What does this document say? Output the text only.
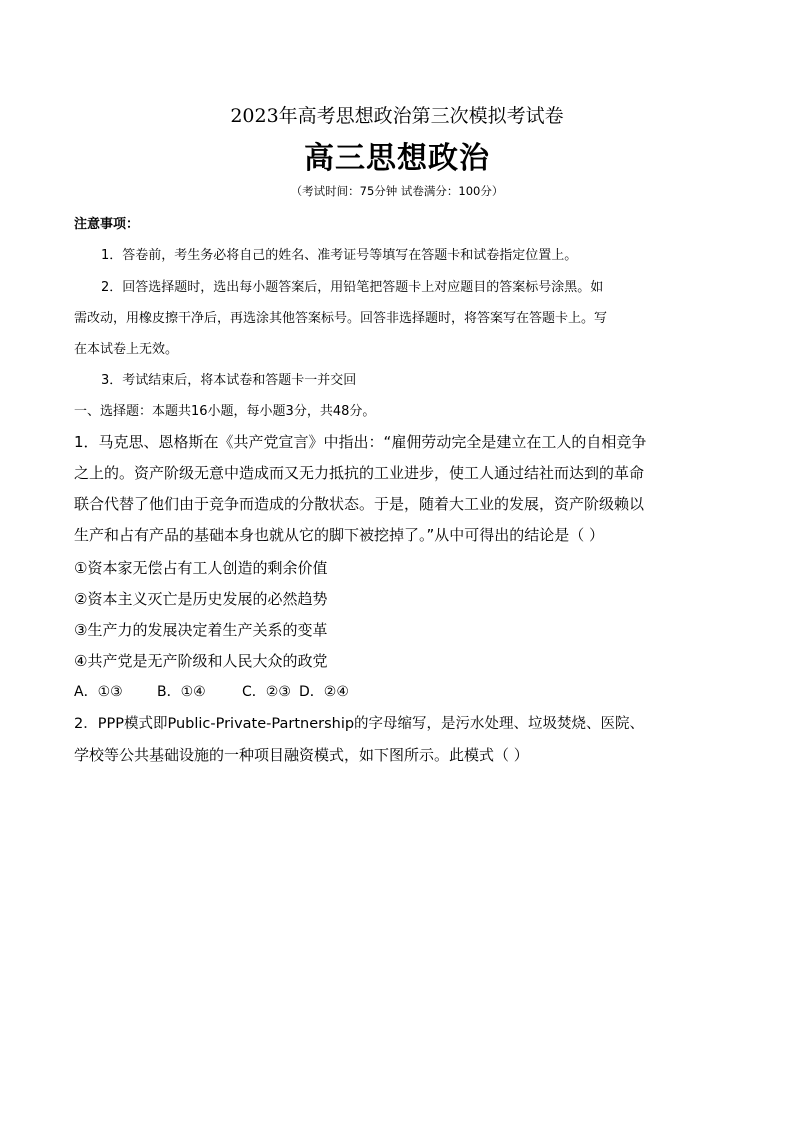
2023年高考思想政治第三次模拟考试卷
高三思想政治
（考试时间：75分钟 试卷满分：100分）
注意事项：
1．答卷前，考生务必将自己的姓名、准考证号等填写在答题卡和试卷指定位置上。
2．回答选择题时，选出每小题答案后，用铅笔把答题卡上对应题目的答案标号涂黑。如
需改动，用橡皮擦干净后，再选涂其他答案标号。回答非选择题时，将答案写在答题卡上。写
在本试卷上无效。
3．考试结束后，将本试卷和答题卡一并交回
一、选择题：本题共16小题，每小题3分，共48分。
1．马克思、恩格斯在《共产党宣言》中指出：“雇佣劳动完全是建立在工人的自相竞争
之上的。资产阶级无意中造成而又无力抵抗的工业进步，使工人通过结社而达到的革命
联合代替了他们由于竞争而造成的分散状态。于是，随着大工业的发展，资产阶级赖以
生产和占有产品的基础本身也就从它的脚下被挖掉了。”从中可得出的结论是（ ）
①资本家无偿占有工人创造的剩余价值
②资本主义灭亡是历史发展的必然趋势
③生产力的发展决定着生产关系的变革
④共产党是无产阶级和人民大众的政党
A．①③ B．①④	C．②③ D．②④
2．PPP模式即Public-Private-Partnership的字母缩写，是污水处理、垃圾焚烧、医院、
学校等公共基础设施的一种项目融资模式，如下图所示。此模式（ ）
